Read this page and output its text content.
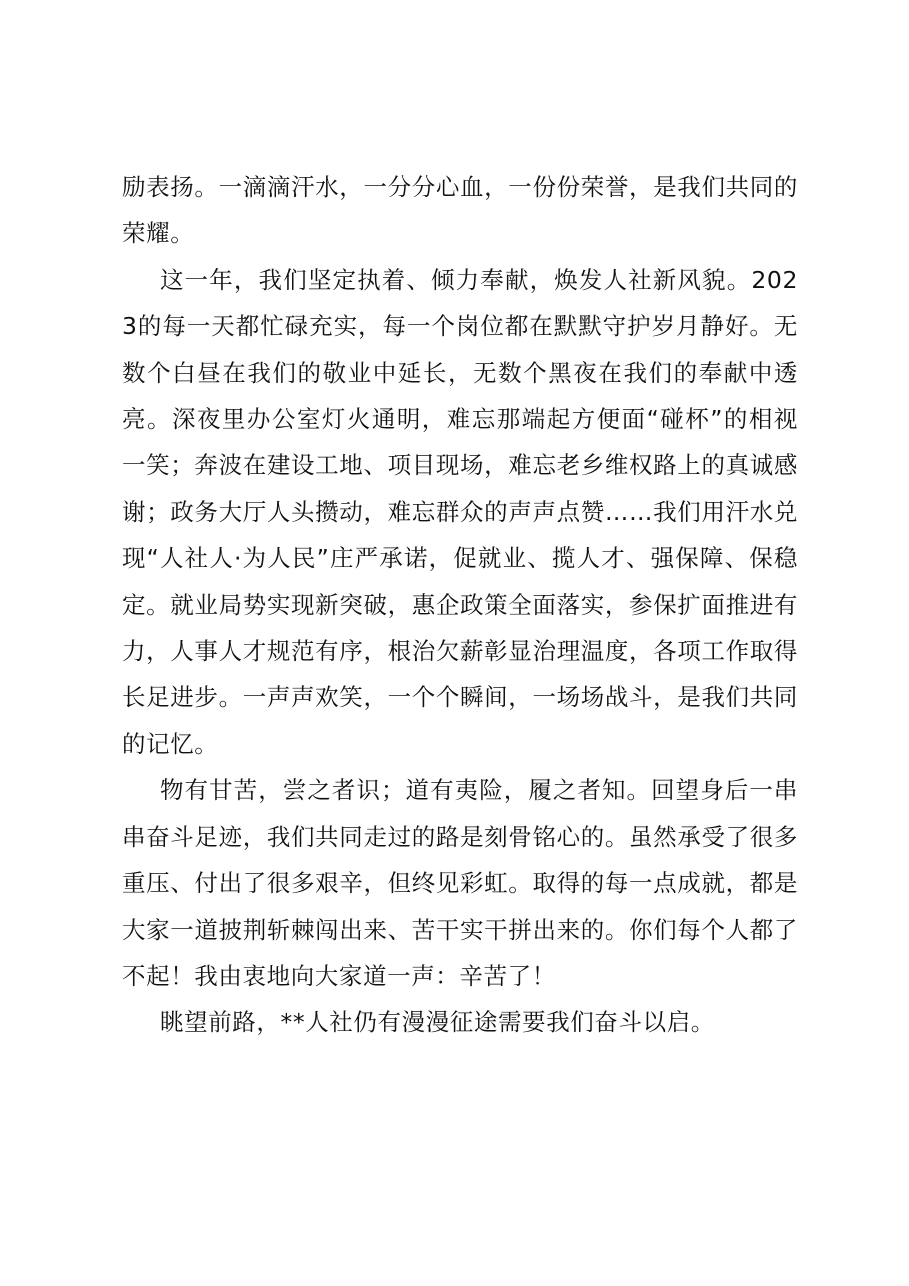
励表扬。一滴滴汗水，一分分心血，一份份荣誉，是我们共同的荣耀。

这一年，我们坚定执着、倾力奉献，焕发人社新风貌。2023的每一天都忙碌充实，每一个岗位都在默默守护岁月静好。无数个白昼在我们的敬业中延长，无数个黑夜在我们的奉献中透亮。深夜里办公室灯火通明，难忘那端起方便面“碰杯”的相视一笑；奔波在建设工地、项目现场，难忘老乡维权路上的真诚感谢；政务大厅人头攒动，难忘群众的声声点赞……我们用汗水兑现“人社人·为人民”庄严承诺，促就业、揽人才、强保障、保稳定。就业局势实现新突破，惠企政策全面落实，参保扩面推进有力，人事人才规范有序，根治欠薪彰显治理温度，各项工作取得长足进步。一声声欢笑，一个个瞬间，一场场战斗，是我们共同的记忆。

物有甘苦，尝之者识；道有夷险，履之者知。回望身后一串串奋斗足迹，我们共同走过的路是刻骨铭心的。虽然承受了很多重压、付出了很多艰辛，但终见彩虹。取得的每一点成就，都是大家一道披荆斩棘闯出来、苦干实干拼出来的。你们每个人都了不起！我由衷地向大家道一声：辛苦了！

眺望前路，**人社仍有漫漫征途需要我们奋斗以启。
